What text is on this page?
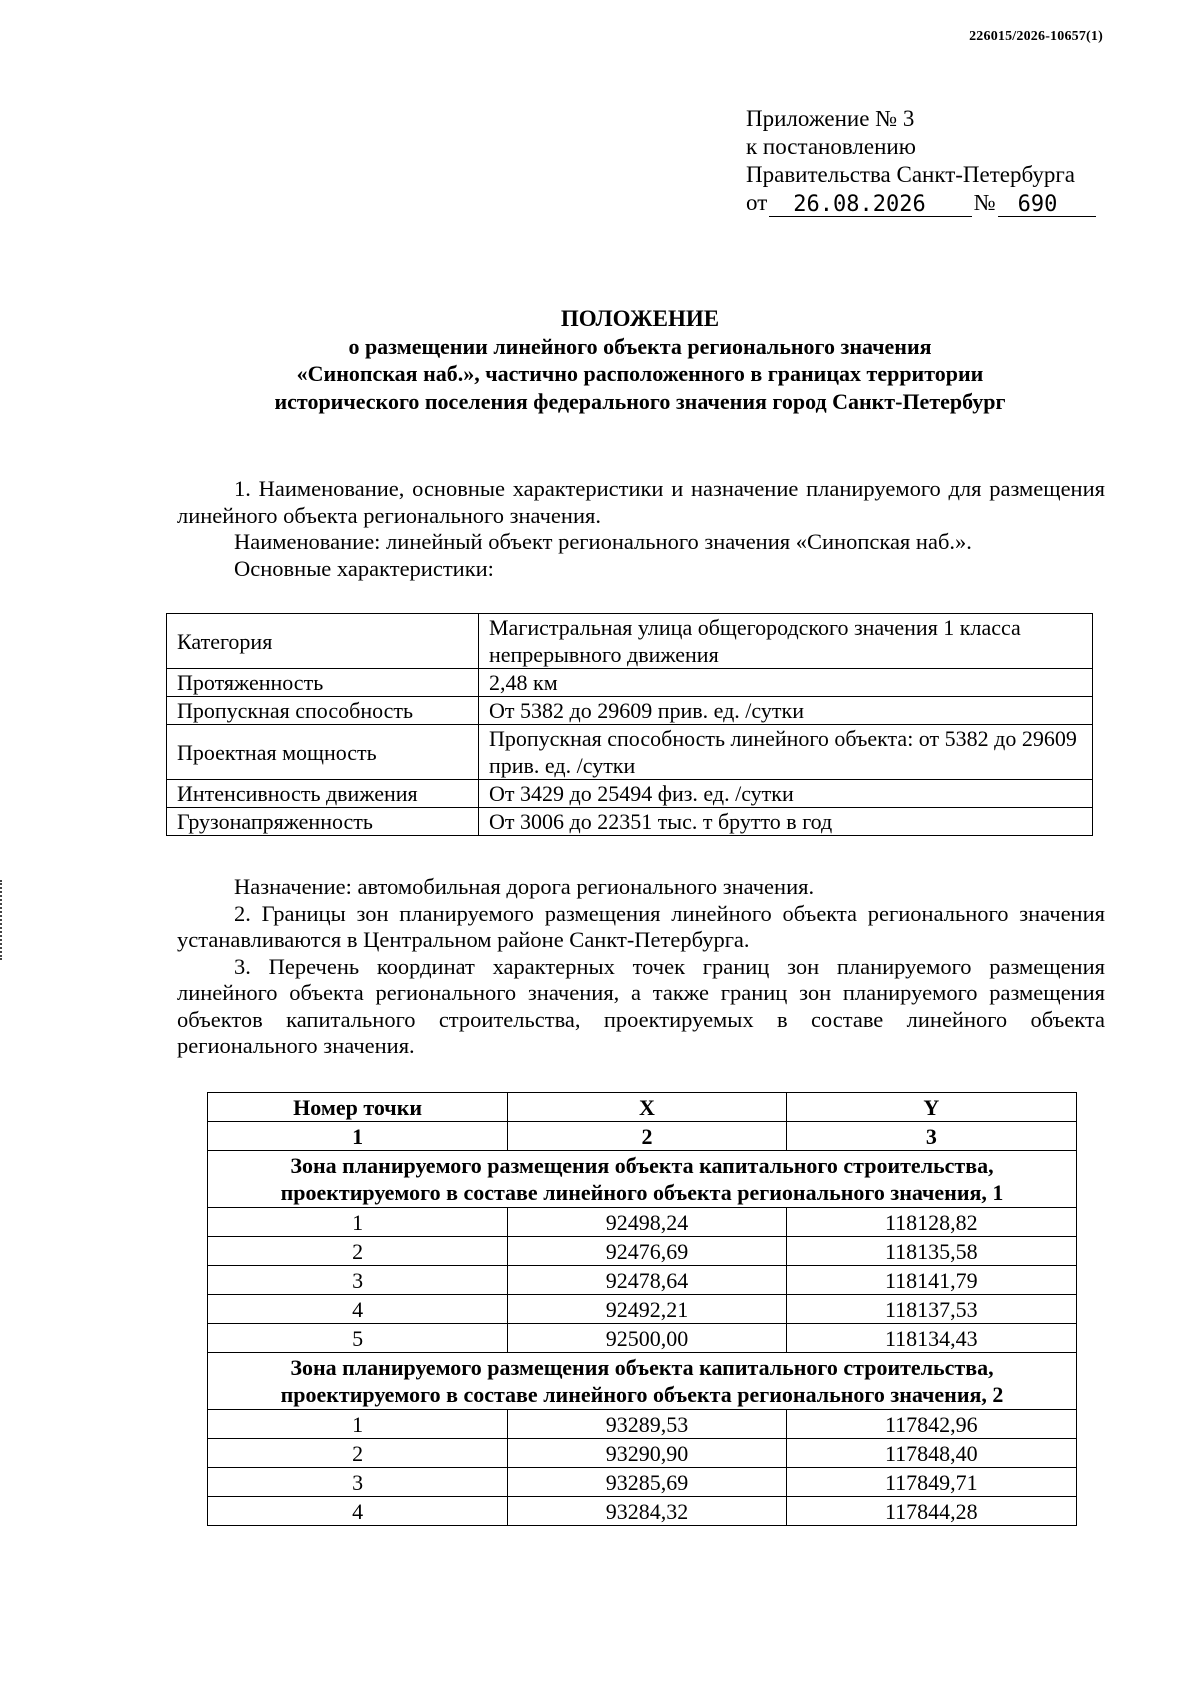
226015/2026-10657(1)
Приложение № 3
к постановлению
Правительства Санкт-Петербурга
от	26.08.2026	№	690
ПОЛОЖЕНИЕ
о размещении линейного объекта регионального значения
«Синопская наб.», частично расположенного в границах территории
исторического поселения федерального значения город Санкт-Петербург
1. Наименование, основные характеристики и назначение планируемого для размещения линейного объекта регионального значения.
Наименование: линейный объект регионального значения «Синопская наб.».
Основные характеристики:
Категория	Магистральная улица общегородского значения 1 класса непрерывного движения
Протяженность	2,48 км
Пропускная способность	От 5382 до 29609 прив. ед. /сутки
Проектная мощность	Пропускная способность линейного объекта: от 5382 до 29609 прив. ед. /сутки
Интенсивность движения	От 3429 до 25494 физ. ед. /сутки
Грузонапряженность	От 3006 до 22351 тыс. т брутто в год
Назначение: автомобильная дорога регионального значения.
2. Границы зон планируемого размещения линейного объекта регионального значения устанавливаются в Центральном районе Санкт-Петербурга.
3. Перечень координат характерных точек границ зон планируемого размещения линейного объекта регионального значения, а также границ зон планируемого размещения объектов капитального строительства, проектируемых в составе линейного объекта регионального значения.
Номер точки	X	Y
1	2	3

Зона планируемого размещения объекта капитального строительства,
проектируемого в составе линейного объекта регионального значения, 1		

1	92498,24	118128,82
2	92476,69	118135,58
3	92478,64	118141,79
4	92492,21	118137,53
5	92500,00	118134,43

Зона планируемого размещения объекта капитального строительства,
проектируемого в составе линейного объекта регионального значения, 2		

1	93289,53	117842,96
2	93290,90	117848,40
3	93285,69	117849,71
4	93284,32	117844,28
